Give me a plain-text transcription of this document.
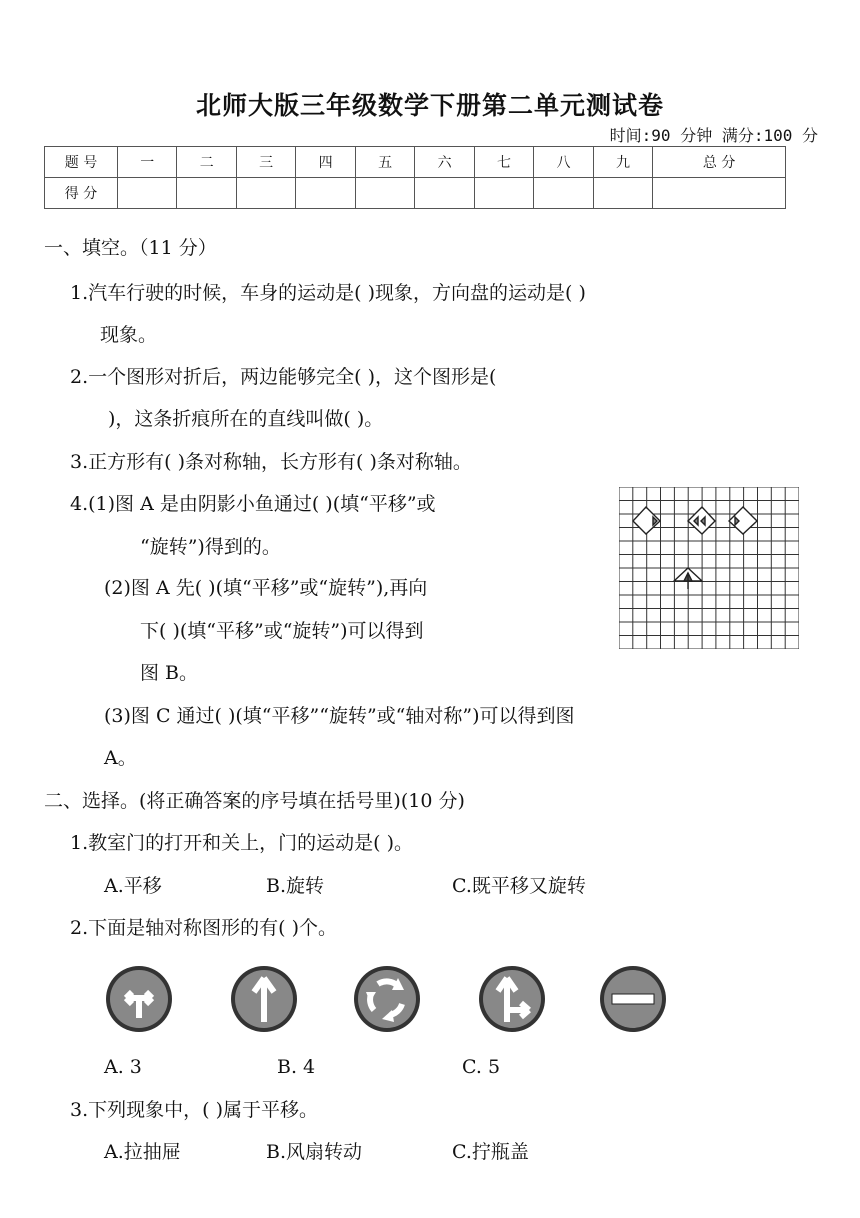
北师大版三年级数学下册第二单元测试卷
时间:90 分钟 满分:100 分
题 号	一	二	三	四	五	六	七	八	九	总 分
得 分										
一、填空。（11 分）
1.汽车行驶的时候，车身的运动是( )现象，方向盘的运动是( )
现象。
2.一个图形对折后，两边能够完全( )，这个图形是(
)，这条折痕所在的直线叫做( )。
3.正方形有( )条对称轴，长方形有( )条对称轴。
4.(1)图 A 是由阴影小鱼通过( )(填“平移”或
“旋转”)得到的。
(2)图 A 先( )(填“平移”或“旋转”),再向
下( )(填“平移”或“旋转”)可以得到
图 B。
(3)图 C 通过( )(填“平移”“旋转”或“轴对称”)可以得到图
A。
二、选择。(将正确答案的序号填在括号里)(10 分)
1.教室门的打开和关上，门的运动是( )。
A.平移	B.旋转	C.既平移又旋转
2.下面是轴对称图形的有( )个。
A. 3	B. 4	C. 5
3.下列现象中，( )属于平移。
A.拉抽屉	B.风扇转动	C.拧瓶盖
